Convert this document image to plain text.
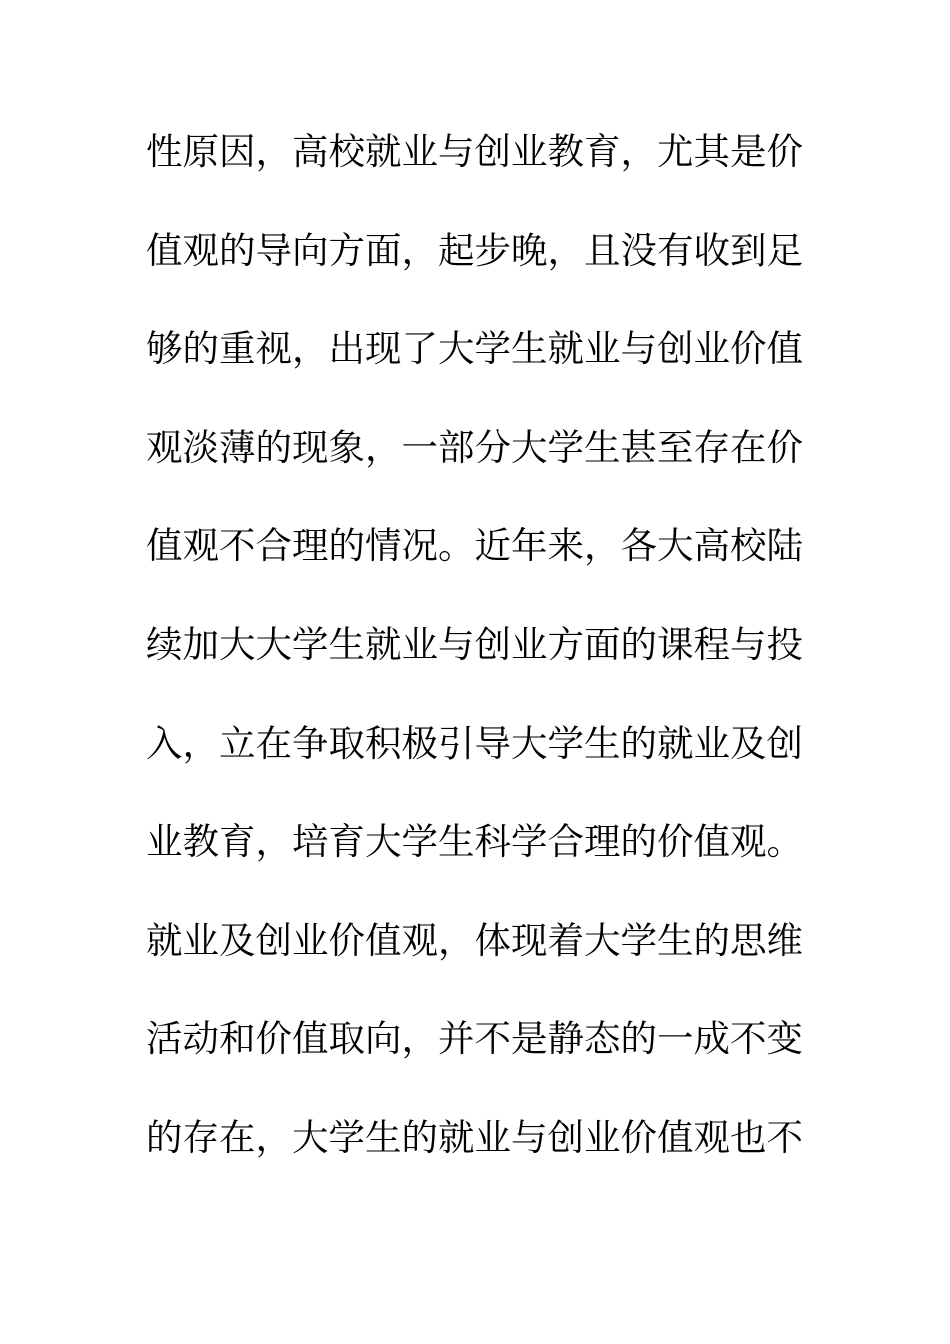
性原因，高校就业与创业教育，尤其是价
值观的导向方面，起步晚，且没有收到足
够的重视，出现了大学生就业与创业价值
观淡薄的现象，一部分大学生甚至存在价
值观不合理的情况。近年来，各大高校陆
续加大大学生就业与创业方面的课程与投
入，立在争取积极引导大学生的就业及创
业教育，培育大学生科学合理的价值观。
就业及创业价值观，体现着大学生的思维
活动和价值取向，并不是静态的一成不变
的存在，大学生的就业与创业价值观也不
